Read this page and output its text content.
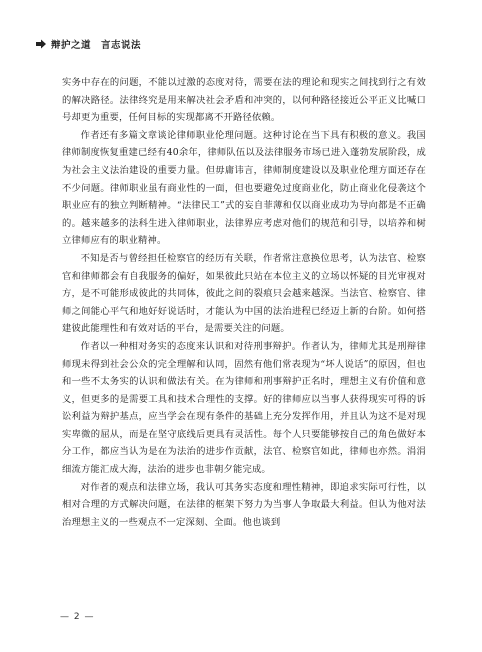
辩护之道 言志说法

实务中存在的问题，不能以过激的态度对待，需要在法的理论和现实之间找到行之有效的解决路径。法律终究是用来解决社会矛盾和冲突的，以何种路径接近公平正义比喊口号却更为重要，任何目标的实现都离不开路径依赖。

作者还有多篇文章谈论律师职业伦理问题。这种讨论在当下具有积极的意义。我国律师制度恢复重建已经有40余年，律师队伍以及法律服务市场已进入蓬勃发展阶段，成为社会主义法治建设的重要力量。但毋庸讳言，律师制度建设以及职业伦理方面还存在不少问题。律师职业虽有商业性的一面，但也要避免过度商业化，防止商业化侵袭这个职业应有的独立判断精神。“法律民工”式的妄自菲薄和仅以商业成功为导向都是不正确的。越来越多的法科生进入律师职业，法律界应考虑对他们的规范和引导，以培养和树立律师应有的职业精神。

不知是否与曾经担任检察官的经历有关联，作者常注意换位思考，认为法官、检察官和律师都会有自我服务的偏好，如果彼此只站在本位主义的立场以怀疑的目光审视对方，是不可能形成彼此的共同体，彼此之间的裂痕只会越来越深。当法官、检察官、律师之间能心平气和地好好说话时，才能认为中国的法治进程已经迈上新的台阶。如何搭建彼此能理性和有效对话的平台，是需要关注的问题。

作者以一种相对务实的态度来认识和对待刑事辩护。作者认为，律师尤其是刑辩律师现未得到社会公众的完全理解和认同，固然有他们常表现为“坏人说话”的原因，但也和一些不太务实的认识和做法有关。在为律师和刑事辩护正名时，理想主义有价值和意义，但更多的是需要工具和技术合理性的支撑。好的律师应以当事人获得现实可得的诉讼利益为辩护基点，应当学会在现有条件的基础上充分发挥作用，并且认为这不是对现实卑微的屈从，而是在坚守底线后更具有灵活性。每个人只要能够按自己的角色做好本分工作，都应当认为是在为法治的进步作贡献，法官、检察官如此，律师也亦然。涓涓细流方能汇成大海，法治的进步也非朝夕能完成。

对作者的观点和法律立场，我认可其务实态度和理性精神，即追求实际可行性，以相对合理的方式解决问题，在法律的框架下努力为当事人争取最大利益。但认为他对法治理想主义的一些观点不一定深刻、全面。他也谈到

— 2 —
